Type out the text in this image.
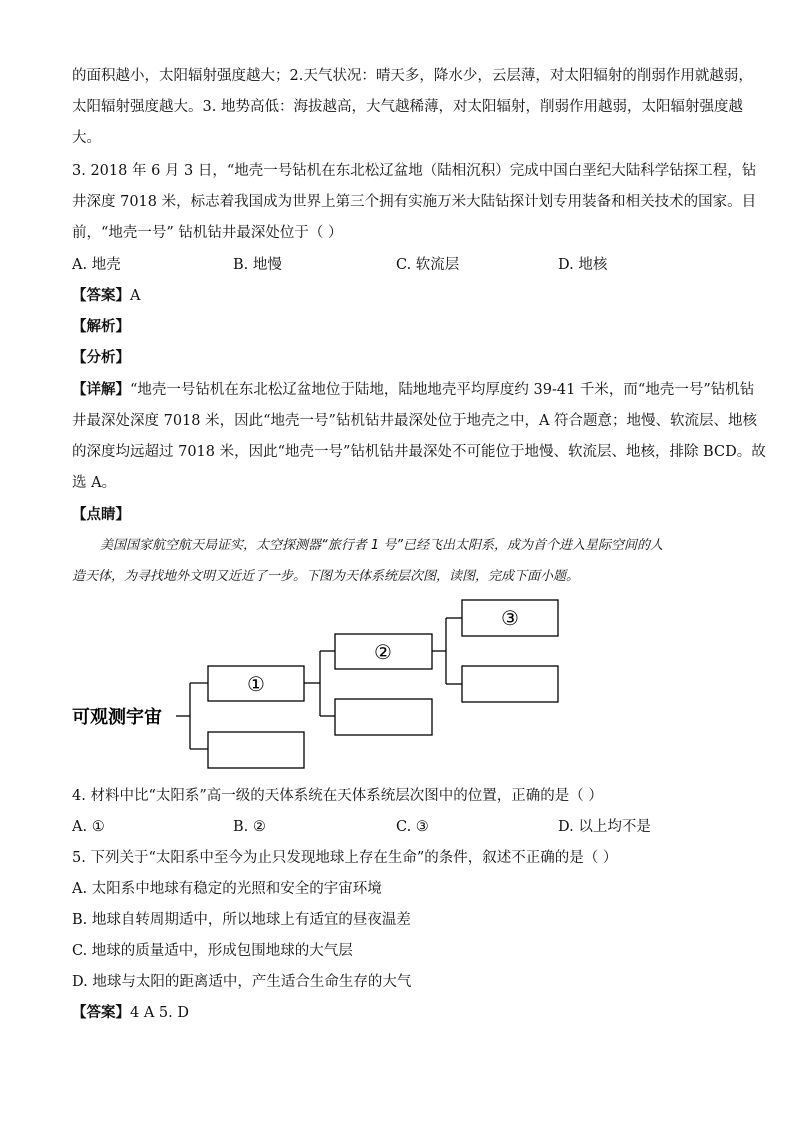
的面积越小，太阳辐射强度越大；2.天气状况：晴天多，降水少，云层薄，对太阳辐射的削弱作用就越弱，
太阳辐射强度越大。3. 地势高低：海拔越高，大气越稀薄，对太阳辐射，削弱作用越弱，太阳辐射强度越
大。
3. 2018 年 6 月 3 日，“地壳一号钻机在东北松辽盆地（陆相沉积）完成中国白垩纪大陆科学钻探工程，钻
井深度 7018 米，标志着我国成为世界上第三个拥有实施万米大陆钻探计划专用装备和相关技术的国家。目
前，“地壳一号” 钻机钻井最深处位于（ ）
A. 地壳	B. 地慢	C. 软流层	D. 地核
【答案】A
【解析】
【分析】
【详解】“地壳一号钻机在东北松辽盆地位于陆地，陆地地壳平均厚度约 39-41 千米，而“地壳一号”钻机钻
井最深处深度 7018 米，因此“地壳一号”钻机钻井最深处位于地壳之中，A 符合题意；地慢、软流层、地核
的深度均远超过 7018 米，因此“地壳一号”钻机钻井最深处不可能位于地慢、软流层、地核，排除 BCD。故
选 A。
【点睛】
美国国家航空航天局证实，太空探测器“旅行者 1 号”已经飞出太阳系，成为首个进入星际空间的人
造天体，为寻找地外文明又近近了一步。下图为天体系统层次图，读图，完成下面小题。
可观测宇宙
①
②
③
4. 材料中比“太阳系”高一级的天体系统在天体系统层次图中的位置，正确的是（ ）
A. ①	B. ②	C. ③	D. 以上均不是
5. 下列关于“太阳系中至今为止只发现地球上存在生命”的条件，叙述不正确的是（ ）
A. 太阳系中地球有稳定的光照和安全的宇宙环境
B. 地球自转周期适中，所以地球上有适宜的昼夜温差
C. 地球的质量适中，形成包围地球的大气层
D. 地球与太阳的距离适中，产生适合生命生存的大气
【答案】4 A 5. D
